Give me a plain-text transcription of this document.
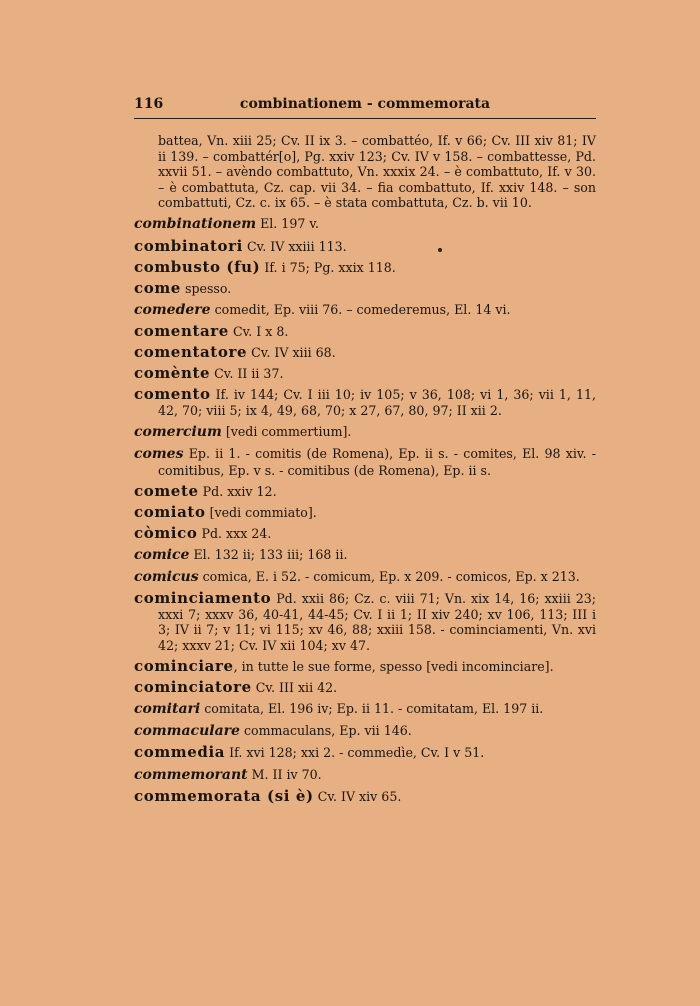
116	combinationem - commemorata
battea, Vn. xiii 25; Cv. II ix 3. – combattéo, If. v 66; Cv. III xiv 81; IV ii 139. – combattér[o], Pg. xxiv 123; Cv. IV v 158. – combattesse, Pd. xxvii 51. – avèndo combattuto, Vn. xxxix 24. – è combattuto, If. v 30. – è combattuta, Cz. cap. vii 34. – fia combattuto, If. xxiv 148. – son combattuti, Cz. c. ix 65. – è stata combattuta, Cz. b. vii 10.
combinationem El. 197 v.
combinatori Cv. IV xxiii 113.
combusto (fu) If. i 75; Pg. xxix 118.
come spesso.
comedere comedit, Ep. viii 76. – comederemus, El. 14 vi.
comentare Cv. I x 8.
comentatore Cv. IV xiii 68.
comènte Cv. II ii 37.
comento If. iv 144; Cv. I iii 10; iv 105; v 36, 108; vi 1, 36; vii 1, 11, 42, 70; viii 5; ix 4, 49, 68, 70; x 27, 67, 80, 97; II xii 2.
comercium [vedi commertium].
comes Ep. ii 1. - comitis (de Romena), Ep. ii s. - comites, El. 98 xiv. - comitibus, Ep. v s. - comitibus (de Romena), Ep. ii s.
comete Pd. xxiv 12.
comiato [vedi commiato].
còmico Pd. xxx 24.
comice El. 132 ii; 133 iii; 168 ii.
comicus comica, E. i 52. - comicum, Ep. x 209. - comicos, Ep. x 213.
cominciamento Pd. xxii 86; Cz. c. viii 71; Vn. xix 14, 16; xxiii 23; xxxi 7; xxxv 36, 40-41, 44-45; Cv. I ii 1; II xiv 240; xv 106, 113; III i 3; IV ii 7; v 11; vi 115; xv 46, 88; xxiii 158. - cominciamenti, Vn. xvi 42; xxxv 21; Cv. IV xii 104; xv 47.
cominciare, in tutte le sue forme, spesso [vedi incominciare].
cominciatore Cv. III xii 42.
comitari comitata, El. 196 iv; Ep. ii 11. - comitatam, El. 197 ii.
commaculare commaculans, Ep. vii 146.
commedia If. xvi 128; xxi 2. - commedìe, Cv. I v 51.
commemorant M. II iv 70.
commemorata (si è) Cv. IV xiv 65.
